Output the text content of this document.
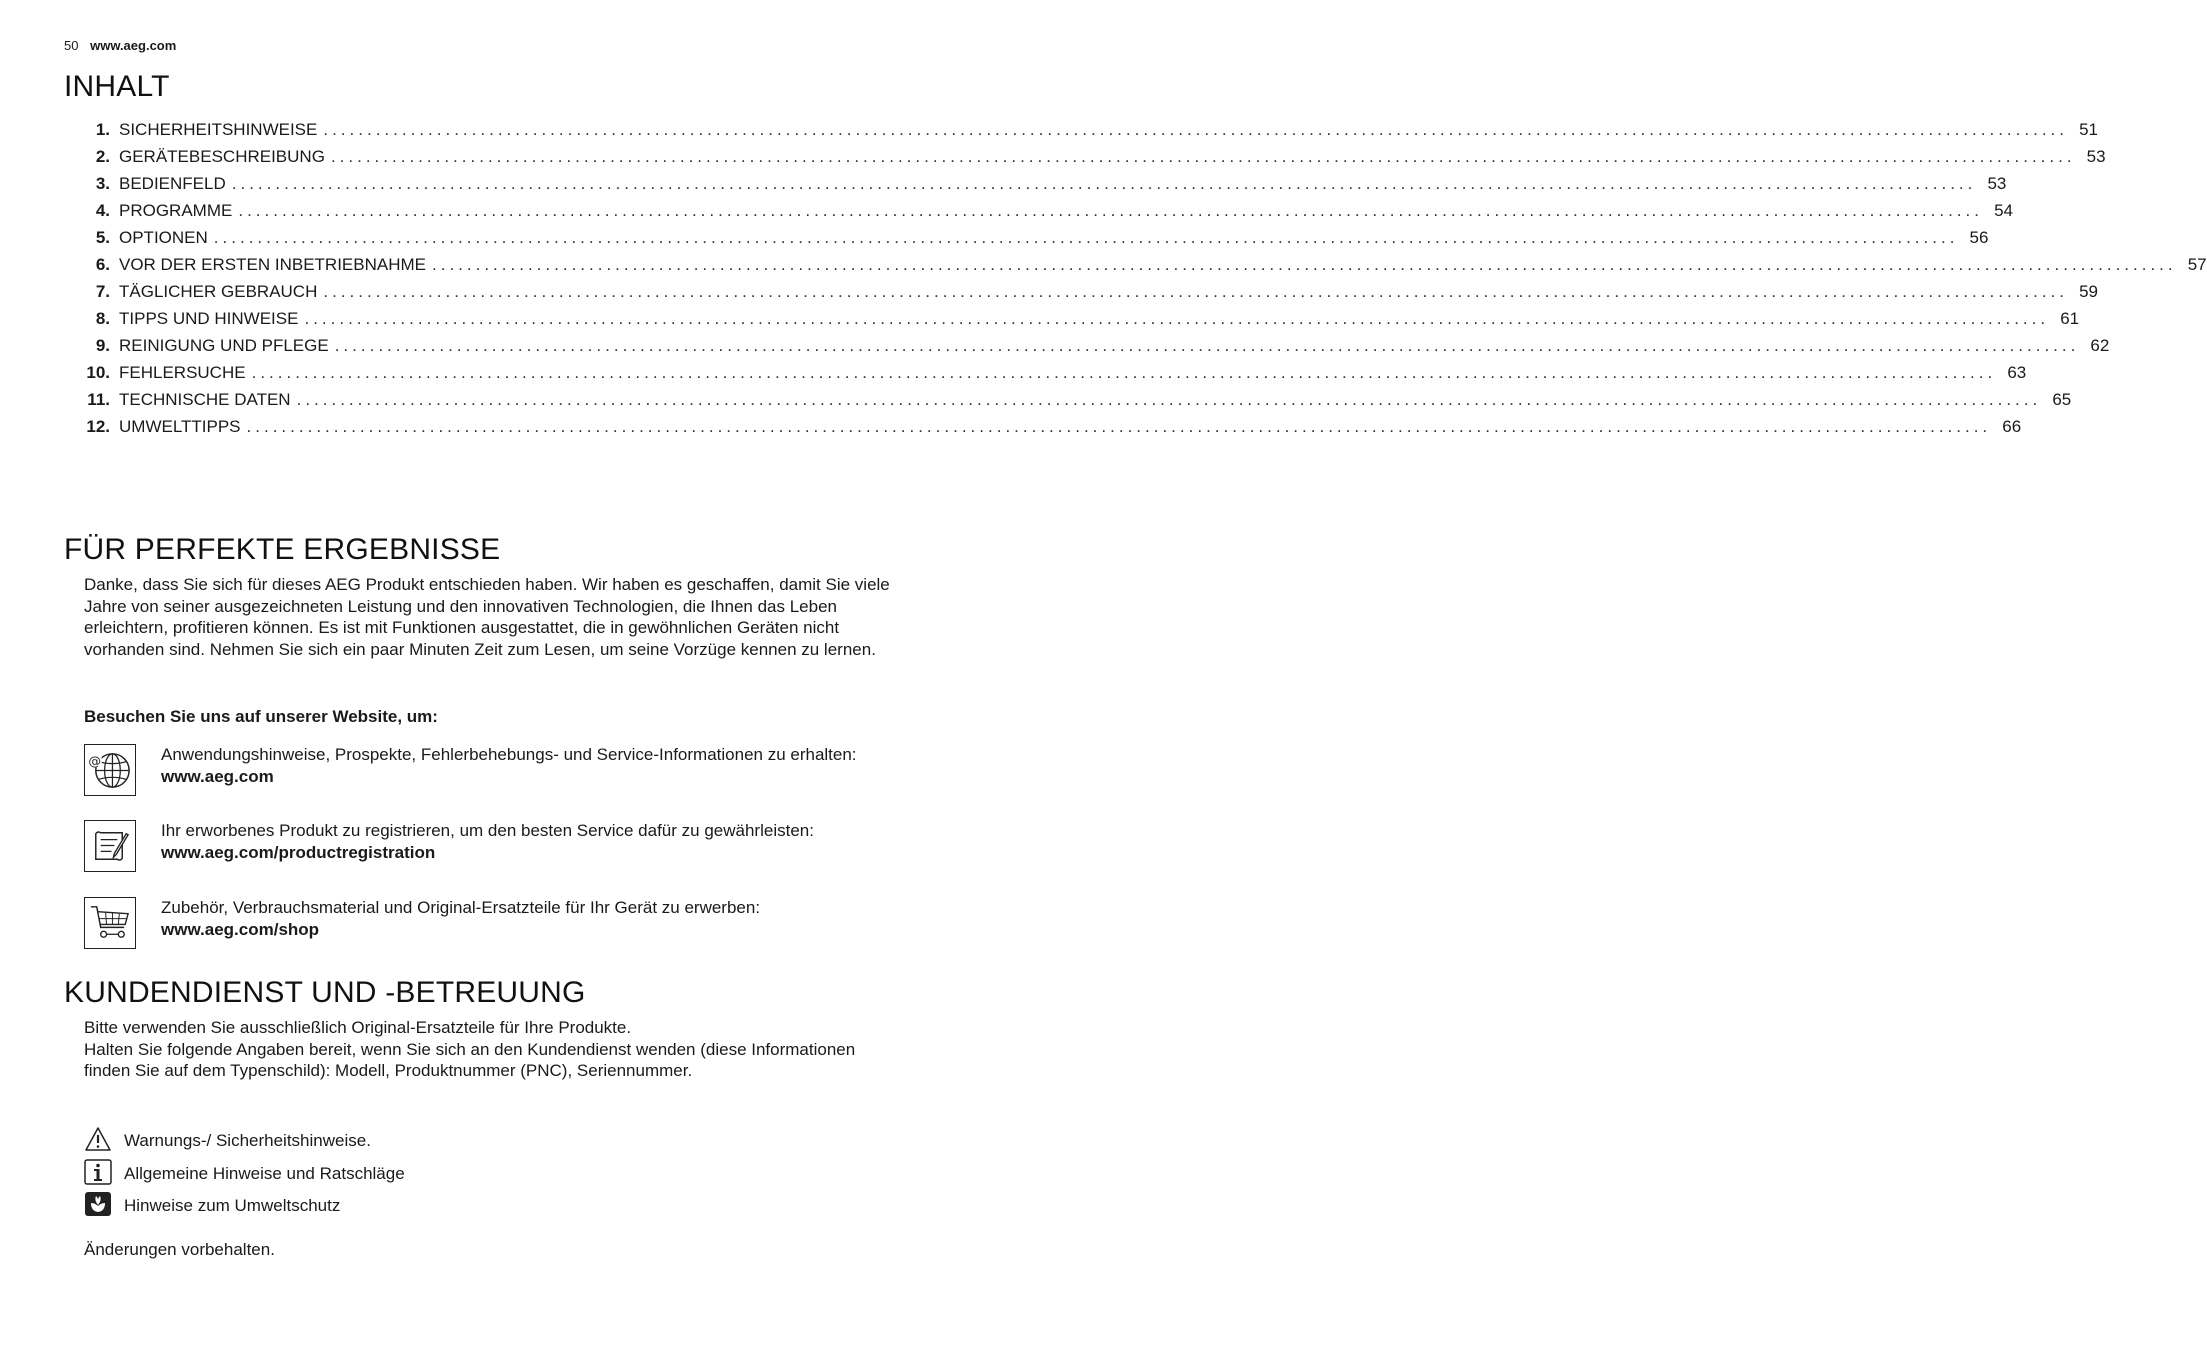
50 www.aeg.com
INHALT
1. SICHERHEITSHINWEISE ........................................................................................................................................................................................................ 51
2. GERÄTEBESCHREIBUNG ........................................................................................................................................................................................................ 53
3. BEDIENFELD ........................................................................................................................................................................................................ 53
4. PROGRAMME ........................................................................................................................................................................................................ 54
5. OPTIONEN ........................................................................................................................................................................................................ 56
6. VOR DER ERSTEN INBETRIEBNAHME ........................................................................................................................................................................................................ 57
7. TÄGLICHER GEBRAUCH ........................................................................................................................................................................................................ 59
8. TIPPS UND HINWEISE ........................................................................................................................................................................................................ 61
9. REINIGUNG UND PFLEGE ........................................................................................................................................................................................................ 62
10. FEHLERSUCHE ........................................................................................................................................................................................................ 63
11. TECHNISCHE DATEN ........................................................................................................................................................................................................ 65
12. UMWELTTIPPS ........................................................................................................................................................................................................ 66
FÜR PERFEKTE ERGEBNISSE

Danke, dass Sie sich für dieses AEG Produkt entschieden haben. Wir haben es geschaffen, damit Sie viele Jahre von seiner ausgezeichneten Leistung und den innovativen Technologien, die Ihnen das Leben erleichtern, profitieren können. Es ist mit Funktionen ausgestattet, die in gewöhnlichen Geräten nicht vorhanden sind. Nehmen Sie sich ein paar Minuten Zeit zum Lesen, um seine Vorzüge kennen zu lernen.

Besuchen Sie uns auf unserer Website, um:

@	Anwendungshinweise, Prospekte, Fehlerbehebungs- und Service-Informationen zu erhalten:
www.aeg.com
Ihr erworbenes Produkt zu registrieren, um den besten Service dafür zu gewährleisten:
www.aeg.com/productregistration
Zubehör, Verbrauchsmaterial und Original-Ersatzteile für Ihr Gerät zu erwerben:
www.aeg.com/shop
KUNDENDIENST UND -BETREUUNG
Bitte verwenden Sie ausschließlich Original-Ersatzteile für Ihre Produkte.
Halten Sie folgende Angaben bereit, wenn Sie sich an den Kundendienst wenden (diese Informationen finden Sie auf dem Typenschild): Modell, Produktnummer (PNC), Seriennummer.
Warnungs-/ Sicherheitshinweise.
Allgemeine Hinweise und Ratschläge
Hinweise zum Umweltschutz

Änderungen vorbehalten.
